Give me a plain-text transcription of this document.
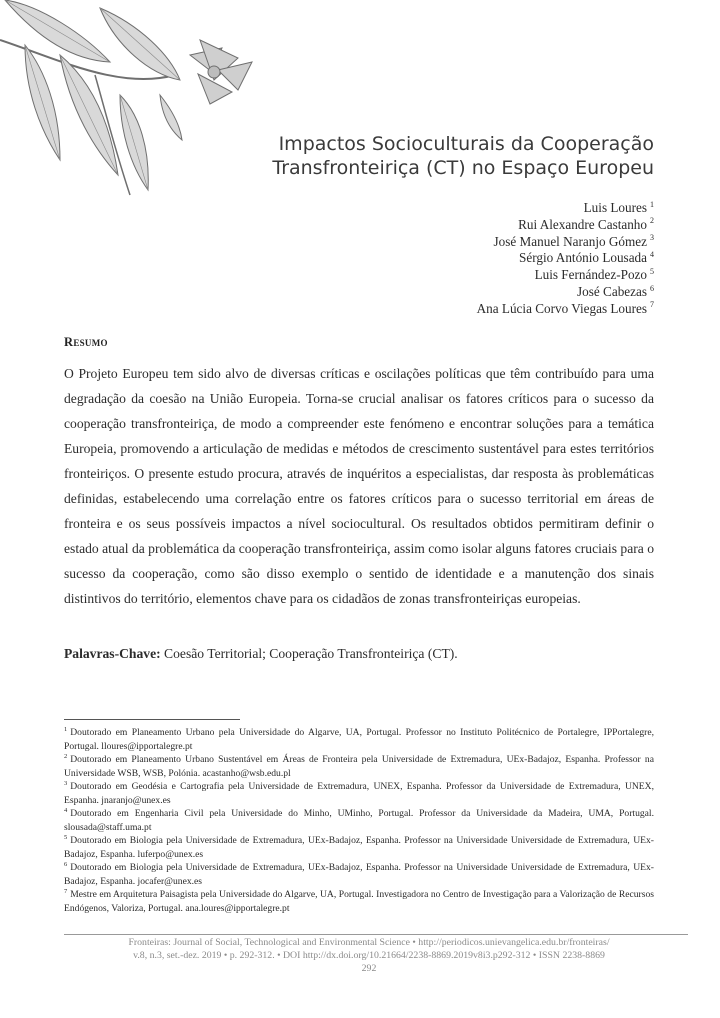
Impactos Socioculturais da Cooperação
Transfronteiriça (CT) no Espaço Europeu
Luis Loures $^1$
Rui Alexandre Castanho $^2$
José Manuel Naranjo Gómez $^3$
Sérgio António Lousada $^4$
Luis Fernández-Pozo $^5$
José Cabezas $^6$
Ana Lúcia Corvo Viegas Loures $^7$
Resumo

O Projeto Europeu tem sido alvo de diversas críticas e oscilações políticas que têm contribuído para uma degradação da coesão na União Europeia. Torna-se crucial analisar os fatores críticos para o sucesso da cooperação transfronteiriça, de modo a compreender este fenómeno e encontrar soluções para a temática Europeia, promovendo a articulação de medidas e métodos de crescimento sustentável para estes territórios fronteiriços. O presente estudo procura, através de inquéritos a especialistas, dar resposta às problemáticas definidas, estabelecendo uma correlação entre os fatores críticos para o sucesso territorial em áreas de fronteira e os seus possíveis impactos a nível sociocultural. Os resultados obtidos permitiram definir o estado atual da problemática da cooperação transfronteiriça, assim como isolar alguns fatores cruciais para o sucesso da cooperação, como são disso exemplo o sentido de identidade e a manutenção dos sinais distintivos do território, elementos chave para os cidadãos de zonas transfronteiriças europeias.

Palavras-Chave: Coesão Territorial; Cooperação Transfronteiriça (CT).

$^1$ Doutorado em Planeamento Urbano pela Universidade do Algarve, UA, Portugal. Professor no Instituto Politécnico de Portalegre, IPPortalegre, Portugal. lloures@ipportalegre.pt

$^2$ Doutorado em Planeamento Urbano Sustentável em Áreas de Fronteira pela Universidade de Extremadura, UEx-Badajoz, Espanha. Professor na Universidade WSB, WSB, Polónia. acastanho@wsb.edu.pl

$^3$ Doutorado em Geodésia e Cartografia pela Universidade de Extremadura, UNEX, Espanha. Professor da Universidade de Extremadura, UNEX, Espanha. jnaranjo@unex.es

$^4$ Doutorado em Engenharia Civil pela Universidade do Minho, UMinho, Portugal. Professor da Universidade da Madeira, UMA, Portugal. slousada@staff.uma.pt

$^5$ Doutorado em Biologia pela Universidade de Extremadura, UEx-Badajoz, Espanha. Professor na Universidade Universidade de Extremadura, UEx-Badajoz, Espanha. luferpo@unex.es

$^6$ Doutorado em Biologia pela Universidade de Extremadura, UEx-Badajoz, Espanha. Professor na Universidade Universidade de Extremadura, UEx-Badajoz, Espanha. jocafer@unex.es

$^7$ Mestre em Arquitetura Paisagista pela Universidade do Algarve, UA, Portugal. Investigadora no Centro de Investigação para a Valorização de Recursos Endógenos, Valoriza, Portugal. ana.loures@ipportalegre.pt

Fronteiras: Journal of Social, Technological and Environmental Science • http://periodicos.unievangelica.edu.br/fronteiras/
v.8, n.3, set.-dez. 2019 • p. 292-312. • DOI http://dx.doi.org/10.21664/2238-8869.2019v8i3.p292-312 • ISSN 2238-8869
292
